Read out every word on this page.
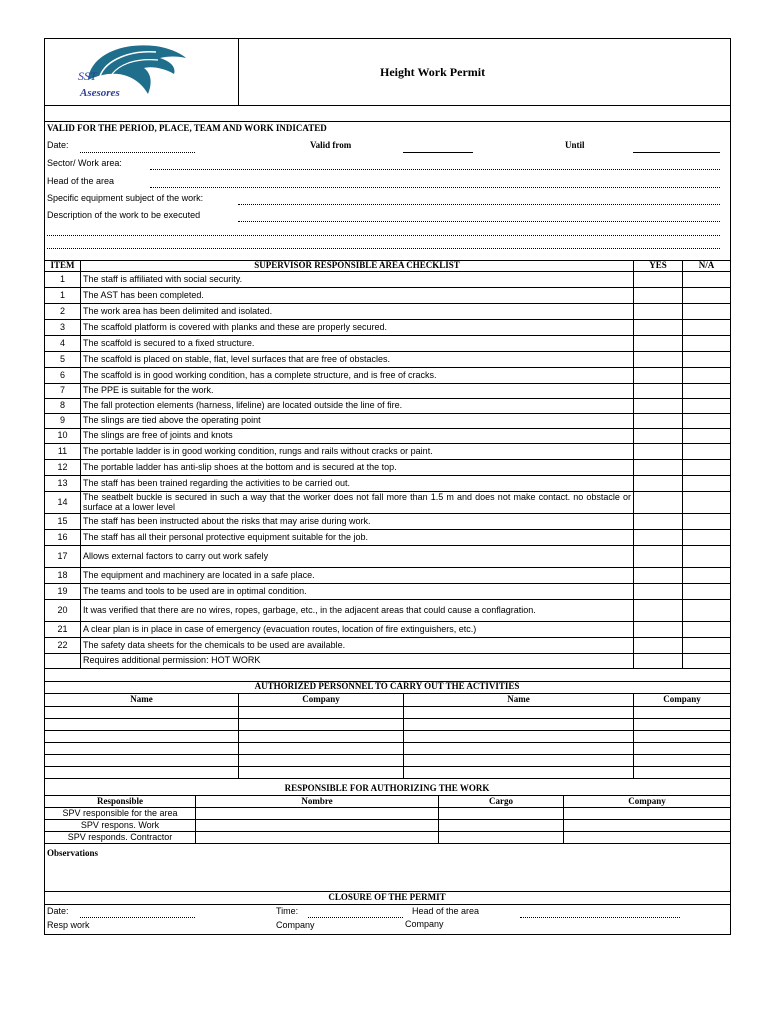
SST
Asesores
Height Work Permit
VALID FOR THE PERIOD, PLACE, TEAM AND WORK INDICATED
Date:	Valid from	Until
Sector/ Work area:
Head of the area
Specific equipment subject of the work:
Description of the work to be executed
ITEM	SUPERVISOR RESPONSIBLE AREA CHECKLIST	YES	N/A
1	The staff is affiliated with social security.		
1	The AST has been completed.		
2	The work area has been delimited and isolated.		
3	The scaffold platform is covered with planks and these are properly secured.		
4	The scaffold is secured to a fixed structure.		
5	The scaffold is placed on stable, flat, level surfaces that are free of obstacles.		
6	The scaffold is in good working condition, has a complete structure, and is free of cracks.		
7	The PPE is suitable for the work.		
8	The fall protection elements (harness, lifeline) are located outside the line of fire.		
9	The slings are tied above the operating point		
10	The slings are free of joints and knots		
11	The portable ladder is in good working condition, rungs and rails without cracks or paint.		
12	The portable ladder has anti-slip shoes at the bottom and is secured at the top.		
13	The staff has been trained regarding the activities to be carried out.		
14	The seatbelt buckle is secured in such a way that the worker does not fall more than 1.5 m and does not make contact. no obstacle or surface at a lower level		
15	The staff has been instructed about the risks that may arise during work.		
16	The staff has all their personal protective equipment suitable for the job.		
17	Allows external factors to carry out work safely		
18	The equipment and machinery are located in a safe place.		
19	The teams and tools to be used are in optimal condition.		
20	It was verified that there are no wires, ropes, garbage, etc., in the adjacent areas that could cause a conflagration.		
21	A clear plan is in place in case of emergency (evacuation routes, location of fire extinguishers, etc.)		
22	The safety data sheets for the chemicals to be used are available.		
	Requires additional permission: HOT WORK		
AUTHORIZED PERSONNEL TO CARRY OUT THE ACTIVITIES
Name	Company	Name	Company

RESPONSIBLE FOR AUTHORIZING THE WORK
Responsible	Nombre	Cargo	Company
SPV responsible for the area			
SPV respons. Work			
SPV responds. Contractor			
Observations
CLOSURE OF THE PERMIT
Date:	Time:	Head of the area
Resp work	Company	Company
